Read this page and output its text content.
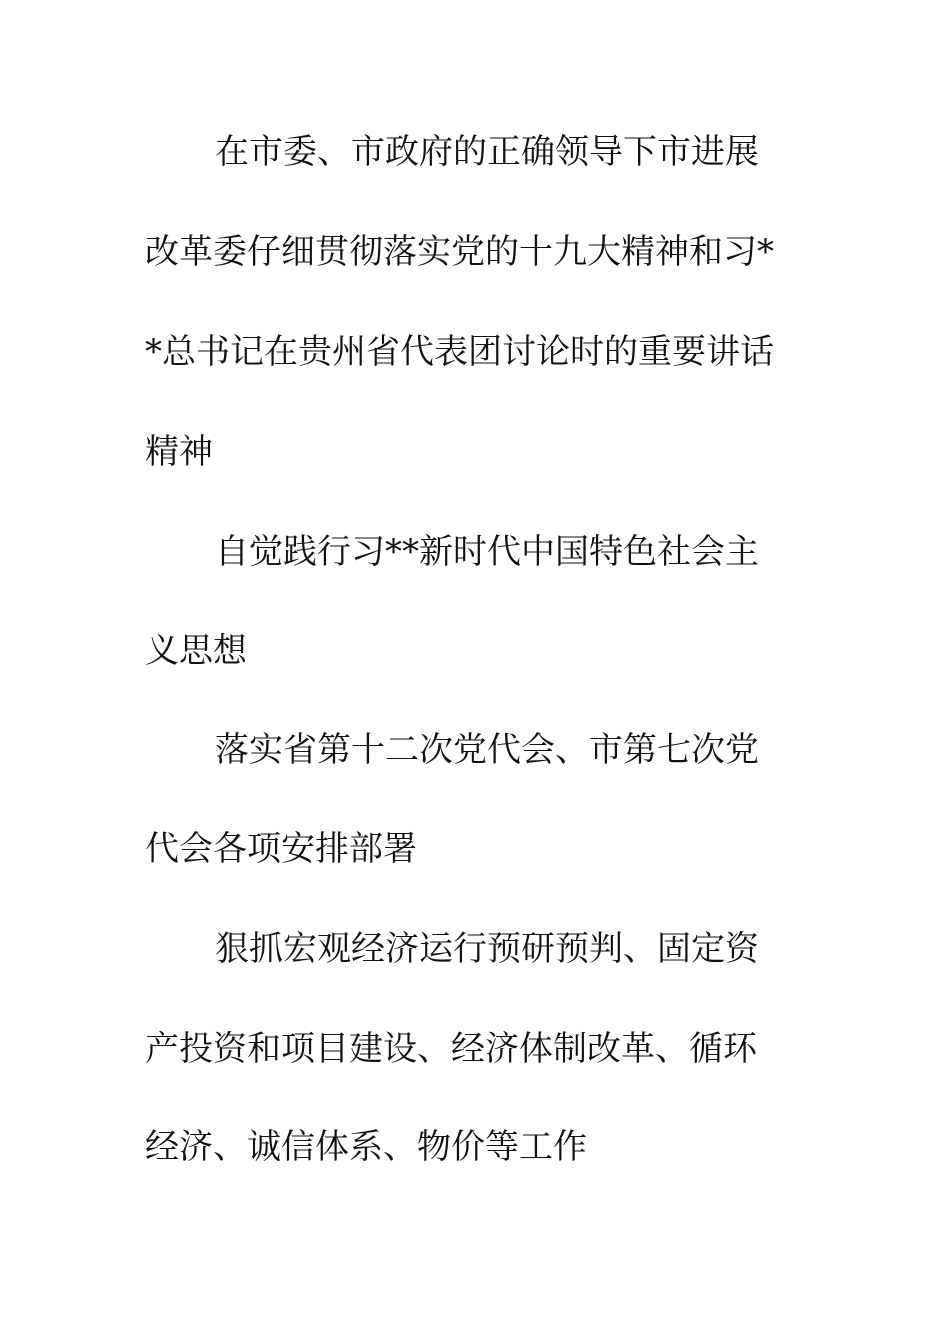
在市委、市政府的正确领导下市进展
改革委仔细贯彻落实党的十九大精神和习*
*总书记在贵州省代表团讨论时的重要讲话
精神
自觉践行习**新时代中国特色社会主
义思想
落实省第十二次党代会、市第七次党
代会各项安排部署
狠抓宏观经济运行预研预判、固定资
产投资和项目建设、经济体制改革、循环
经济、诚信体系、物价等工作
